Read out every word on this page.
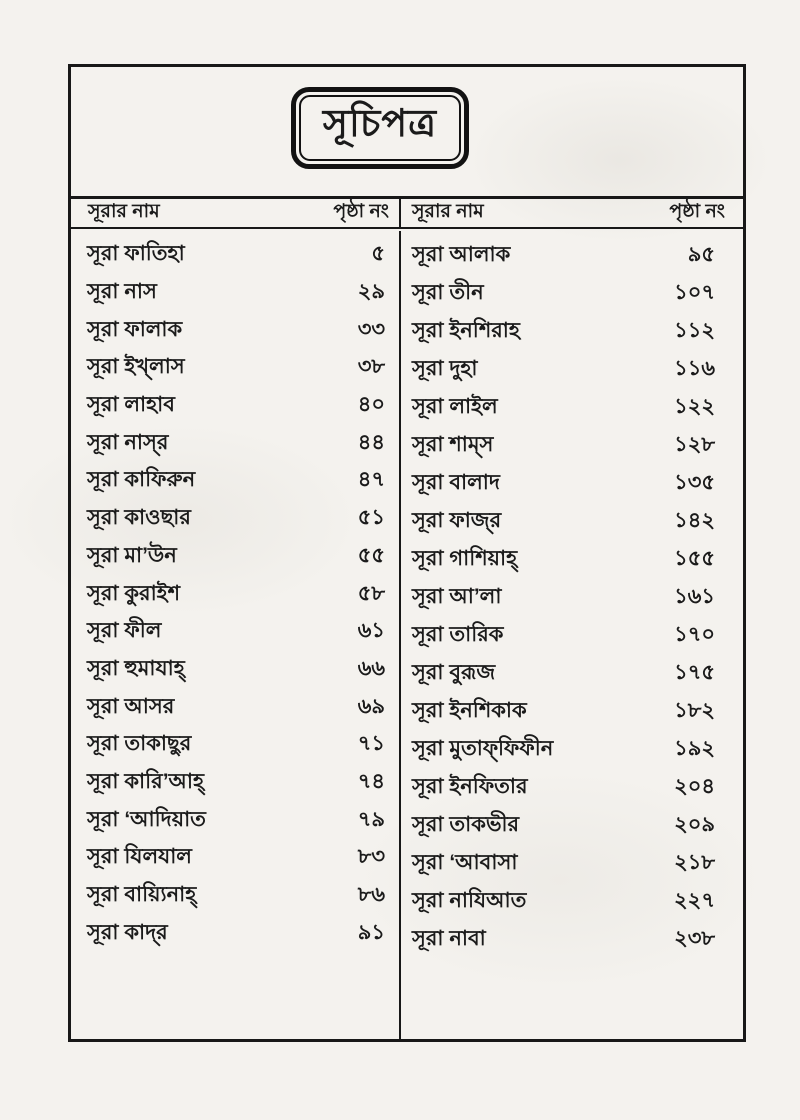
সূচিপত্র
সূরার নাম	পৃষ্ঠা নং সূরার নাম	পৃষ্ঠা নং
সূরা ফাতিহা	৫
সূরা নাস	২৯
সূরা ফালাক	৩৩
সূরা ইখ্‌লাস	৩৮
সূরা লাহাব	৪০
সূরা নাস্‌র	৪৪
সূরা কাফিরুন	৪৭
সূরা কাওছার	৫১
সূরা মা’উন	৫৫
সূরা কুরাইশ	৫৮
সূরা ফীল	৬১
সূরা হুমাযাহ্	৬৬
সূরা আসর	৬৯
সূরা তাকাছুর	৭১
সূরা কারি’আহ্	৭৪
সূরা ‘আদিয়াত	৭৯
সূরা যিলযাল	৮৩
সূরা বায়্যিনাহ্	৮৬
সূরা কাদ্‌র	৯১
সূরা আলাক	৯৫
সূরা তীন	১০৭
সূরা ইনশিরাহ	১১২
সূরা দুহা	১১৬
সূরা লাইল	১২২
সূরা শাম্‌স	১২৮
সূরা বালাদ	১৩৫
সূরা ফাজ্‌র	১৪২
সূরা গাশিয়াহ্	১৫৫
সূরা আ’লা	১৬১
সূরা তারিক	১৭০
সূরা বুরূজ	১৭৫
সূরা ইনশিকাক	১৮২
সূরা মুতাফ্‌ফিফীন	১৯২
সূরা ইনফিতার	২০৪
সূরা তাকভীর	২০৯
সূরা ‘আবাসা	২১৮
সূরা নাযিআত	২২৭
সূরা নাবা	২৩৮
